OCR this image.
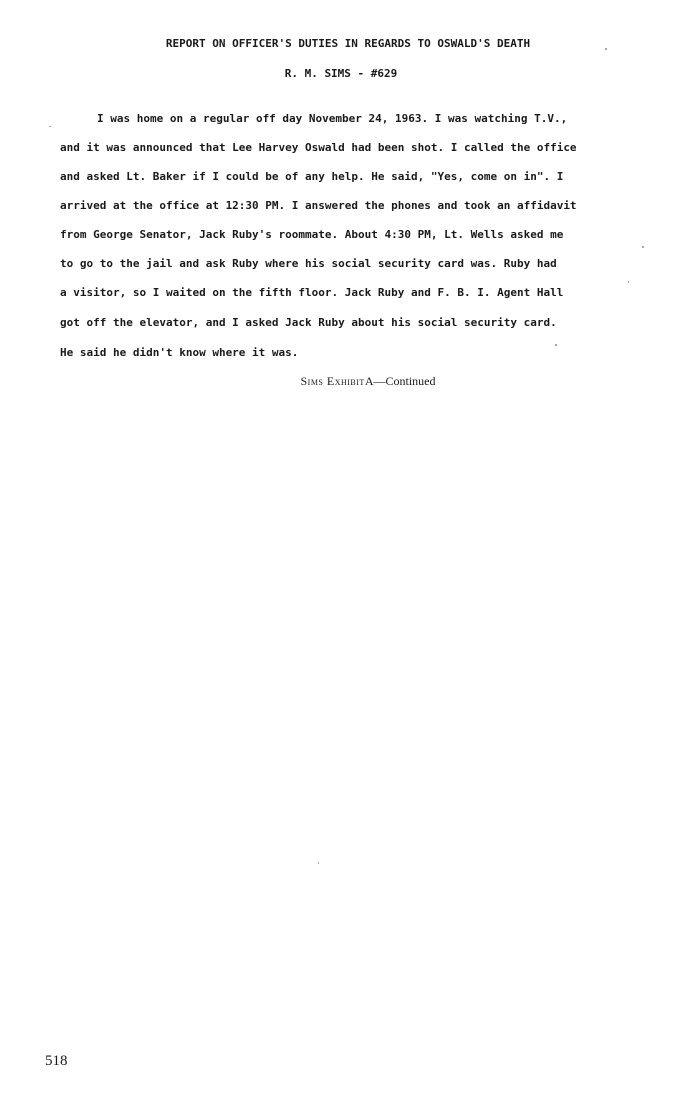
REPORT ON OFFICER'S DUTIES IN REGARDS TO OSWALD'S DEATH
R. M. SIMS - #629
I was home on a regular off day November 24, 1963. I was watching T.V.,
and it was announced that Lee Harvey Oswald had been shot. I called the office
and asked Lt. Baker if I could be of any help. He said, "Yes, come on in". I
arrived at the office at 12:30 PM. I answered the phones and took an affidavit
from George Senator, Jack Ruby's roommate. About 4:30 PM, Lt. Wells asked me
to go to the jail and ask Ruby where his social security card was. Ruby had
a visitor, so I waited on the fifth floor. Jack Ruby and F. B. I. Agent Hall
got off the elevator, and I asked Jack Ruby about his social security card.
He said he didn't know where it was.
Sims ExhibitA—Continued
518
